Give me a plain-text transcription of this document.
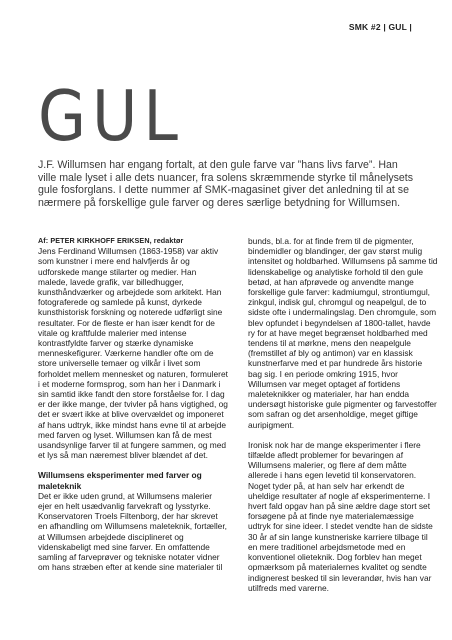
SMK #2 | GUL |
GUL

J.F. Willumsen har engang fortalt, at den gule farve var ”hans livs farve”. Han ville male lyset i alle dets nuancer, fra solens skræmmende styrke til månelysets gule fosforglans. I dette nummer af SMK-magasinet giver det anledning til at se nærmere på forskellige gule farver og deres særlige betydning for Willumsen.

Af: PETER KIRKHOFF ERIKSEN, redaktør
Jens Ferdinand Willumsen (1863-1958) var aktiv som kunstner i mere end halvfjerds år og udforskede mange stilarter og medier. Han malede, lavede grafik, var billedhugger, kunsthåndværker og arbejdede som arkitekt. Han fotograferede og samlede på kunst, dyrkede kunsthistorisk forskning og noterede udførligt sine resultater. For de fleste er han især kendt for de vitale og kraftfulde malerier med intense kontrastfyldte farver og stærke dynamiske menneskefigurer. Værkerne handler ofte om de store universelle temaer og vilkår i livet som forholdet mellem mennesket og naturen, formuleret i et moderne formsprog, som han her i Danmark i sin samtid ikke fandt den store forståelse for. I dag er der ikke mange, der tvivler på hans vigtighed, og det er svært ikke at blive overvældet og imponeret af hans udtryk, ikke mindst hans evne til at arbejde med farven og lyset. Willumsen kan få de mest usandsynlige farver til at fungere sammen, og med et lys så man næremest bliver blændet af det.
Willumsens eksperimenter med farver og maleteknik
Det er ikke uden grund, at Willumsens malerier ejer en helt usædvanlig farvekraft og lysstyrke. Konservatoren Troels Filtenborg, der har skrevet en afhandling om Willumsens maleteknik, fortæller, at Willumsen arbejdede disciplineret og videnskabeligt med sine farver. En omfattende samling af farveprøver og tekniske notater vidner om hans stræben efter at kende sine materialer til
bunds, bl.a. for at finde frem til de pigmenter, bindemidler og blandinger, der gav størst mulig intensitet og holdbarhed. Willumsens på samme tid lidenskabelige og analytiske forhold til den gule betød, at han afprøvede og anvendte mange forskellige gule farver: kadmiumgul, strontiumgul, zinkgul, indisk gul, chromgul og neapelgul, de to sidste ofte i undermalingslag. Den chromgule, som blev opfundet i begyndelsen af 1800-tallet, havde ry for at have meget begrænset holdbarhed med tendens til at mørkne, mens den neapelgule (fremstillet af bly og antimon) var en klassisk kunstnerfarve med et par hundrede års historie bag sig. I en periode omkring 1915, hvor Willumsen var meget optaget af fortidens maleteknikker og materialer, har han endda undersøgt historiske gule pigmenter og farvestoffer som safran og det arsenholdige, meget giftige auripigment.
Ironisk nok har de mange eksperimenter i flere tilfælde afledt problemer for bevaringen af Willumsens malerier, og flere af dem måtte allerede i hans egen levetid til konservatoren. Noget tyder på, at han selv har erkendt de uheldige resultater af nogle af eksperimenterne. I hvert fald opgav han på sine ældre dage stort set forsøgene på at finde nye materialemæssige udtryk for sine ideer. I stedet vendte han de sidste 30 år af sin lange kunstneriske karriere tilbage til en mere traditionel arbejdsmetode med en konventionel olieteknik. Dog forblev han meget opmærksom på materialernes kvalitet og sendte indignerest besked til sin leverandør, hvis han var utilfreds med varerne.
